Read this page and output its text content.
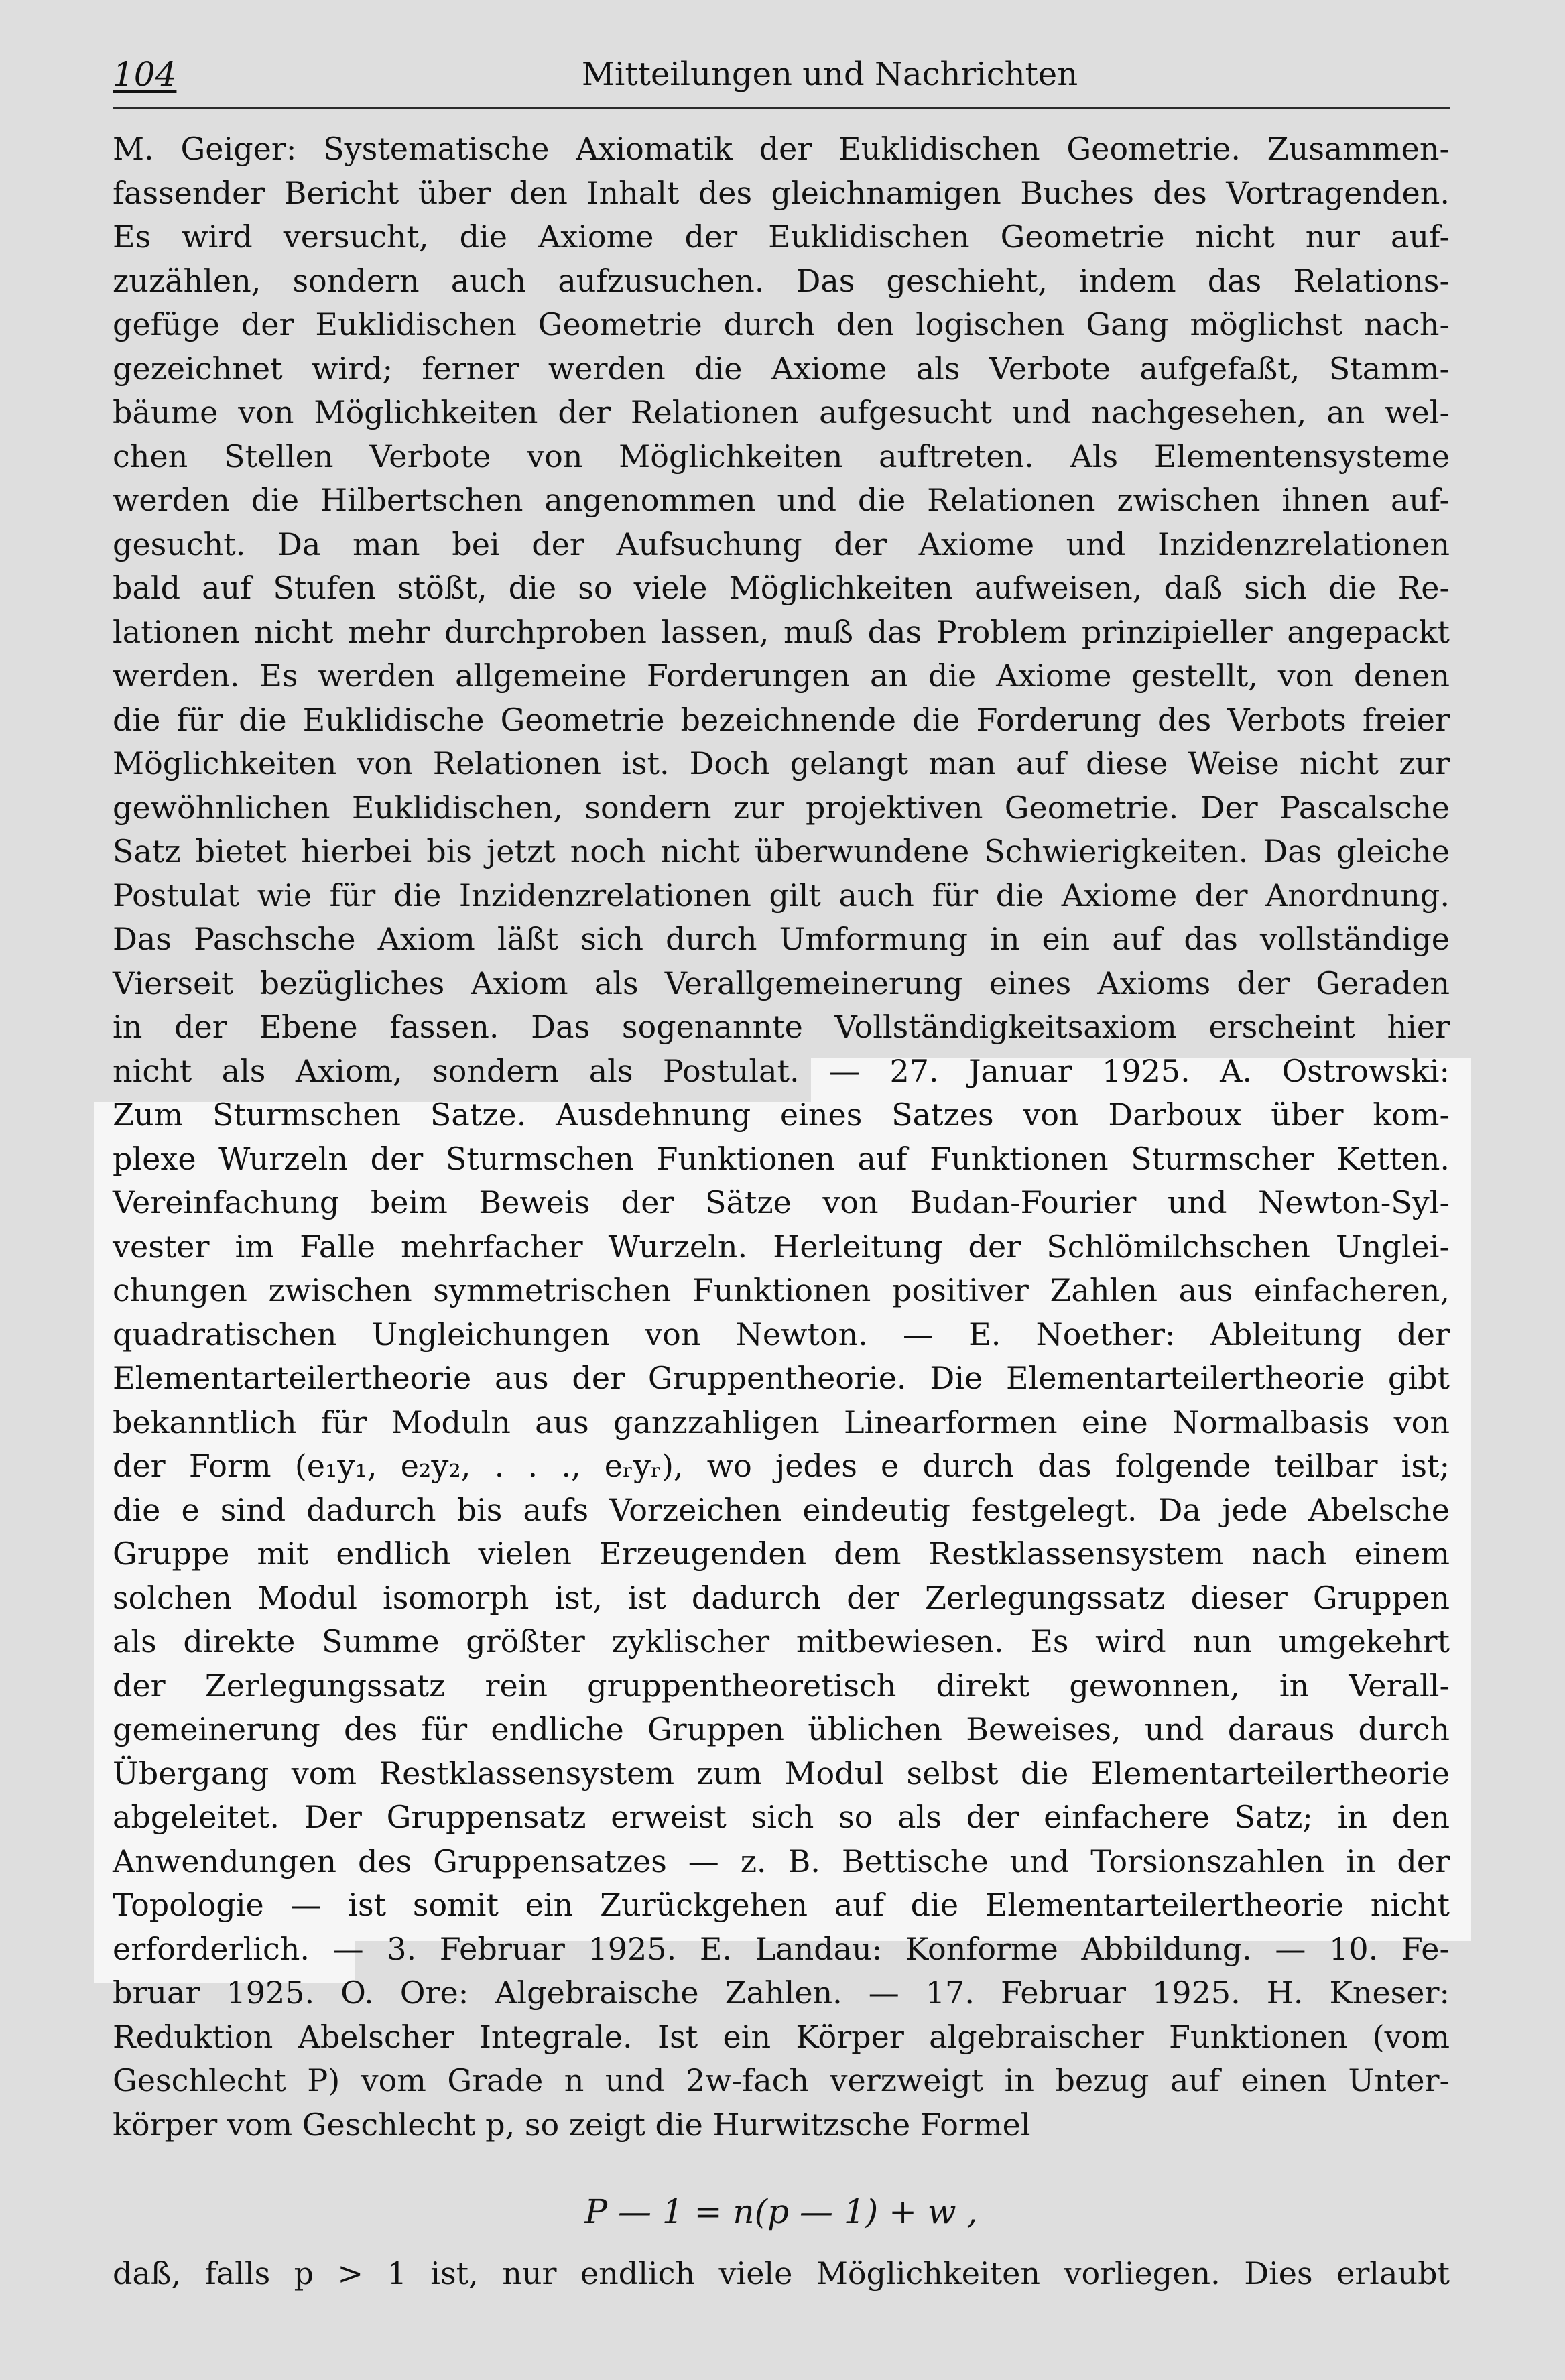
104	Mitteilungen und Nachrichten
M. Geiger: Systematische Axiomatik der Euklidischen Geometrie. Zusammen-
fassender Bericht über den Inhalt des gleichnamigen Buches des Vortragenden.
Es wird versucht, die Axiome der Euklidischen Geometrie nicht nur auf-
zuzählen, sondern auch aufzusuchen. Das geschieht, indem das Relations-
gefüge der Euklidischen Geometrie durch den logischen Gang möglichst nach-
gezeichnet wird; ferner werden die Axiome als Verbote aufgefaßt, Stamm-
bäume von Möglichkeiten der Relationen aufgesucht und nachgesehen, an wel-
chen Stellen Verbote von Möglichkeiten auftreten. Als Elementensysteme
werden die Hilbertschen angenommen und die Relationen zwischen ihnen auf-
gesucht. Da man bei der Aufsuchung der Axiome und Inzidenzrelationen
bald auf Stufen stößt, die so viele Möglichkeiten aufweisen, daß sich die Re-
lationen nicht mehr durchproben lassen, muß das Problem prinzipieller angepackt
werden. Es werden allgemeine Forderungen an die Axiome gestellt, von denen
die für die Euklidische Geometrie bezeichnende die Forderung des Verbots freier
Möglichkeiten von Relationen ist. Doch gelangt man auf diese Weise nicht zur
gewöhnlichen Euklidischen, sondern zur projektiven Geometrie. Der Pascalsche
Satz bietet hierbei bis jetzt noch nicht überwundene Schwierigkeiten. Das gleiche
Postulat wie für die Inzidenzrelationen gilt auch für die Axiome der Anordnung.
Das Paschsche Axiom läßt sich durch Umformung in ein auf das vollständige
Vierseit bezügliches Axiom als Verallgemeinerung eines Axioms der Geraden
in der Ebene fassen. Das sogenannte Vollständigkeitsaxiom erscheint hier
nicht als Axiom, sondern als Postulat. — 27. Januar 1925. A. Ostrowski:
Zum Sturmschen Satze. Ausdehnung eines Satzes von Darboux über kom-
plexe Wurzeln der Sturmschen Funktionen auf Funktionen Sturmscher Ketten.
Vereinfachung beim Beweis der Sätze von Budan-Fourier und Newton-Syl-
vester im Falle mehrfacher Wurzeln. Herleitung der Schlömilchschen Unglei-
chungen zwischen symmetrischen Funktionen positiver Zahlen aus einfacheren,
quadratischen Ungleichungen von Newton. — E. Noether: Ableitung der
Elementarteilertheorie aus der Gruppentheorie. Die Elementarteilertheorie gibt
bekanntlich für Moduln aus ganzzahligen Linearformen eine Normalbasis von
der Form (e₁y₁, e₂y₂, . . ., eᵣyᵣ), wo jedes e durch das folgende teilbar ist;
die e sind dadurch bis aufs Vorzeichen eindeutig festgelegt. Da jede Abelsche
Gruppe mit endlich vielen Erzeugenden dem Restklassensystem nach einem
solchen Modul isomorph ist, ist dadurch der Zerlegungssatz dieser Gruppen
als direkte Summe größter zyklischer mitbewiesen. Es wird nun umgekehrt
der Zerlegungssatz rein gruppentheoretisch direkt gewonnen, in Verall-
gemeinerung des für endliche Gruppen üblichen Beweises, und daraus durch
Übergang vom Restklassensystem zum Modul selbst die Elementarteilertheorie
abgeleitet. Der Gruppensatz erweist sich so als der einfachere Satz; in den
Anwendungen des Gruppensatzes — z. B. Bettische und Torsionszahlen in der
Topologie — ist somit ein Zurückgehen auf die Elementarteilertheorie nicht
erforderlich. — 3. Februar 1925. E. Landau: Konforme Abbildung. — 10. Fe-
bruar 1925. O. Ore: Algebraische Zahlen. — 17. Februar 1925. H. Kneser:
Reduktion Abelscher Integrale. Ist ein Körper algebraischer Funktionen (vom
Geschlecht P) vom Grade n und 2w-fach verzweigt in bezug auf einen Unter-
körper vom Geschlecht p, so zeigt die Hurwitzsche Formel
P — 1 = n(p — 1) + w ,
daß, falls p > 1 ist, nur endlich viele Möglichkeiten vorliegen. Dies erlaubt
